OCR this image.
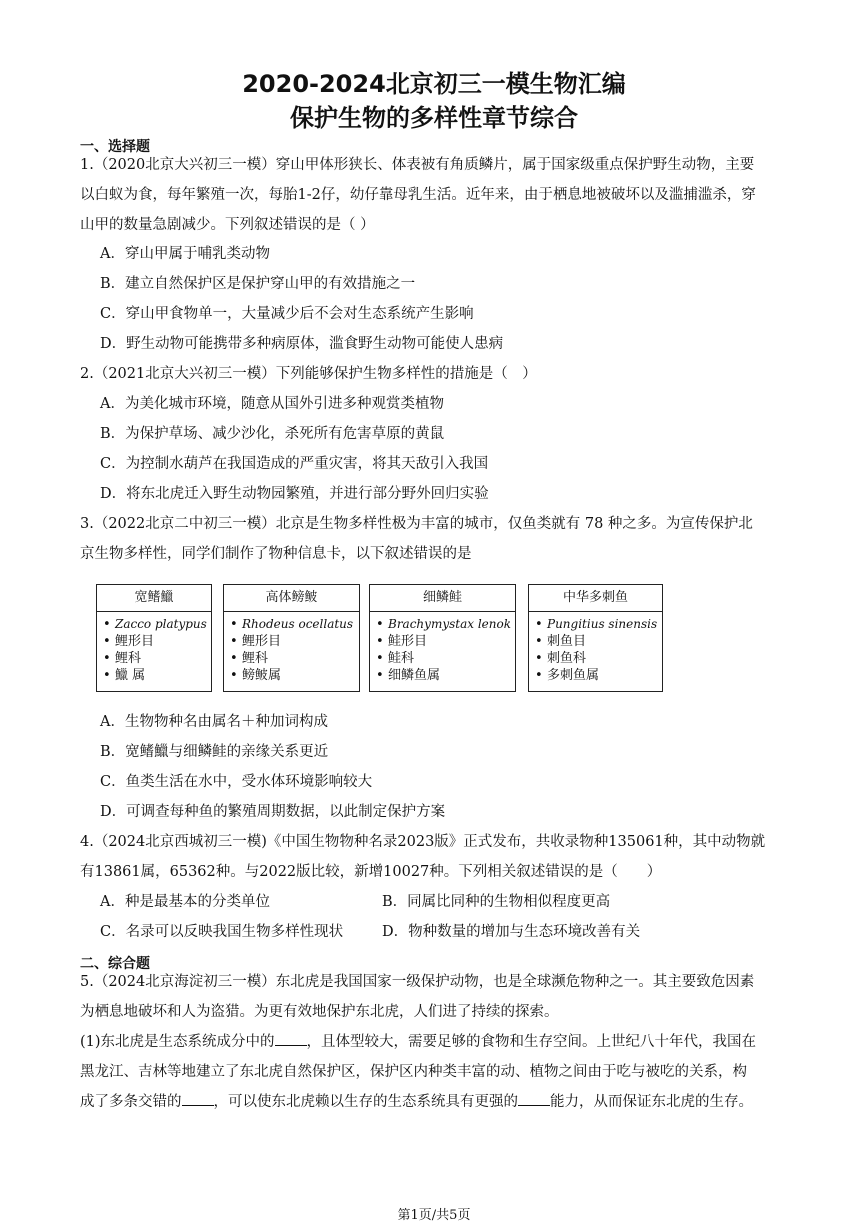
2020-2024北京初三一模生物汇编
保护生物的多样性章节综合
一、选择题
1.（2020北京大兴初三一模）穿山甲体形狭长、体表被有角质鳞片，属于国家级重点保护野生动物，主要
以白蚁为食，每年繁殖一次，每胎1-2仔，幼仔靠母乳生活。近年来，由于栖息地被破坏以及滥捕滥杀，穿
山甲的数量急剧减少。下列叙述错误的是（ ）
A．穿山甲属于哺乳类动物
B．建立自然保护区是保护穿山甲的有效措施之一
C．穿山甲食物单一，大量减少后不会对生态系统产生影响
D．野生动物可能携带多种病原体，滥食野生动物可能使人患病
2.（2021北京大兴初三一模）下列能够保护生物多样性的措施是（　）
A．为美化城市环境，随意从国外引进多种观赏类植物
B．为保护草场、减少沙化，杀死所有危害草原的黄鼠
C．为控制水葫芦在我国造成的严重灾害，将其天敌引入我国
D．将东北虎迁入野生动物园繁殖，并进行部分野外回归实验
3.（2022北京二中初三一模）北京是生物多样性极为丰富的城市，仅鱼类就有 78 种之多。为宣传保护北
京生物多样性，同学们制作了物种信息卡，以下叙述错误的是
宽鳍鱲
• Zacco platypus
• 鲤形目
• 鲤科
• 鱲 属
高体鳑鲏
• Rhodeus ocellatus
• 鲤形目
• 鲤科
• 鳑鲏属
细鳞鲑
• Brachymystax lenok
• 鲑形目
• 鲑科
• 细鳞鱼属
中华多刺鱼
• Pungitius sinensis
• 刺鱼目
• 刺鱼科
• 多刺鱼属
A．生物物种名由属名＋种加词构成
B．宽鳍鱲与细鳞鲑的亲缘关系更近
C．鱼类生活在水中，受水体环境影响较大
D．可调查每种鱼的繁殖周期数据，以此制定保护方案
4.（2024北京西城初三一模)《中国生物物种名录2023版》正式发布，共收录物种135061种，其中动物就
有13861属，65362种。与2022版比较，新增10027种。下列相关叙述错误的是（　　）
A．种是最基本的分类单位	B．同属比同种的生物相似程度更高
C．名录可以反映我国生物多样性现状	D．物种数量的增加与生态环境改善有关
二、综合题
5.（2024北京海淀初三一模）东北虎是我国国家一级保护动物，也是全球濒危物种之一。其主要致危因素
为栖息地破坏和人为盗猎。为更有效地保护东北虎，人们进了持续的探索。
(1)东北虎是生态系统成分中的 ，且体型较大，需要足够的食物和生存空间。上世纪八十年代，我国在
黑龙江、吉林等地建立了东北虎自然保护区，保护区内种类丰富的动、植物之间由于吃与被吃的关系，构
成了多条交错的 ，可以使东北虎赖以生存的生态系统具有更强的 能力，从而保证东北虎的生存。
第1页/共5页
